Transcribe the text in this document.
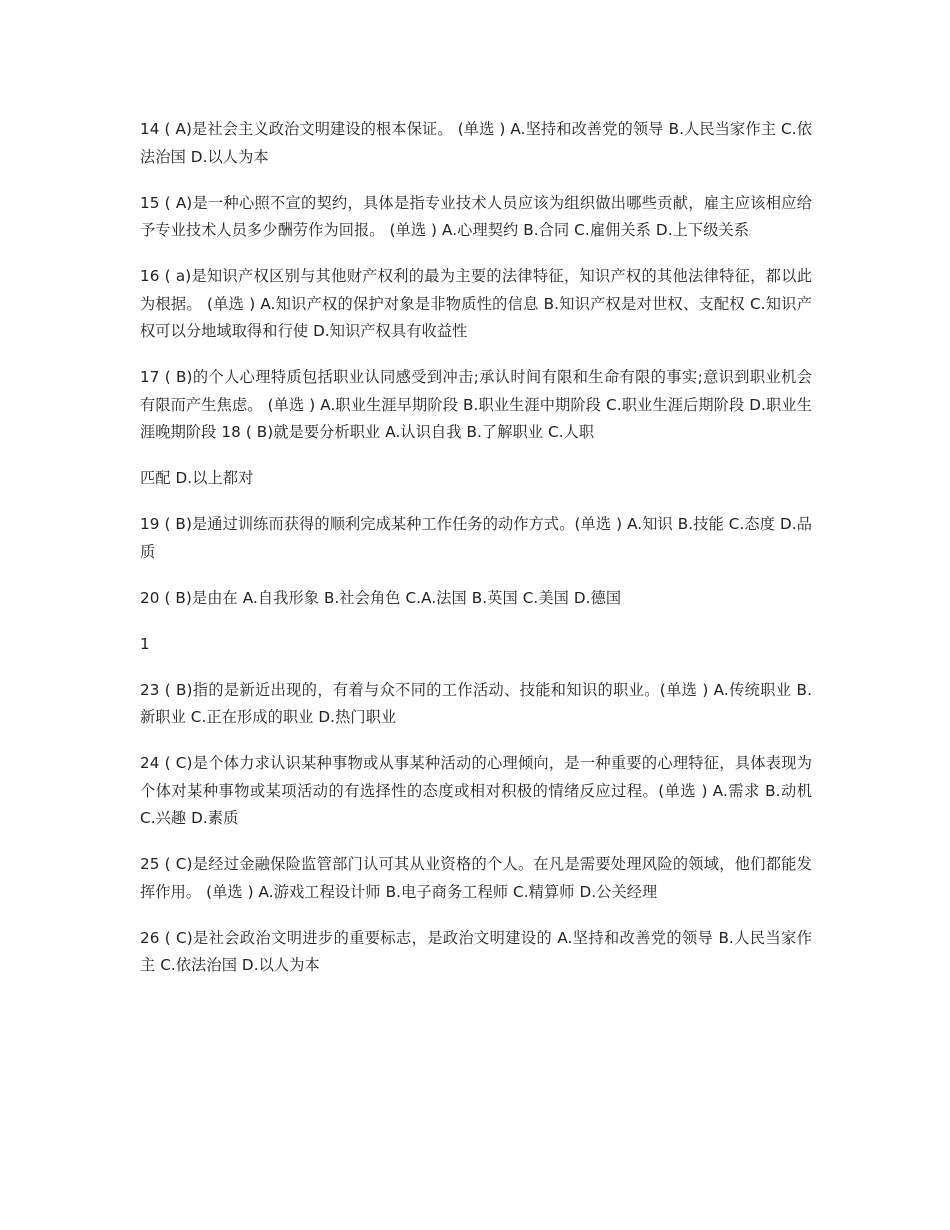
14 ( A)是社会主义政治文明建设的根本保证。 (单选 ) A.坚持和改善党的领导 B.人民当家作主 C.依法治国 D.以人为本

15 ( A)是一种心照不宣的契约，具体是指专业技术人员应该为组织做出哪些贡献，雇主应该相应给予专业技术人员多少酬劳作为回报。 (单选 ) A.心理契约 B.合同 C.雇佣关系 D.上下级关系

16 ( a)是知识产权区别与其他财产权利的最为主要的法律特征，知识产权的其他法律特征，都以此为根据。 (单选 ) A.知识产权的保护对象是非物质性的信息 B.知识产权是对世权、支配权 C.知识产权可以分地域取得和行使 D.知识产权具有收益性

17 ( B)的个人心理特质包括职业认同感受到冲击;承认时间有限和生命有限的事实;意识到职业机会有限而产生焦虑。 (单选 ) A.职业生涯早期阶段 B.职业生涯中期阶段 C.职业生涯后期阶段 D.职业生涯晚期阶段 18 ( B)就是要分析职业 A.认识自我 B.了解职业 C.人职

匹配 D.以上都对

19 ( B)是通过训练而获得的顺利完成某种工作任务的动作方式。(单选 ) A.知识 B.技能 C.态度 D.品质

20 ( B)是由在 A.自我形象 B.社会角色 C.A.法国 B.英国 C.美国 D.德国

1

23 ( B)指的是新近出现的，有着与众不同的工作活动、技能和知识的职业。(单选 ) A.传统职业 B.新职业 C.正在形成的职业 D.热门职业

24 ( C)是个体力求认识某种事物或从事某种活动的心理倾向，是一种重要的心理特征，具体表现为个体对某种事物或某项活动的有选择性的态度或相对积极的情绪反应过程。(单选 ) A.需求 B.动机 C.兴趣 D.素质

25 ( C)是经过金融保险监管部门认可其从业资格的个人。在凡是需要处理风险的领域，他们都能发挥作用。 (单选 ) A.游戏工程设计师 B.电子商务工程师 C.精算师 D.公关经理

26 ( C)是社会政治文明进步的重要标志，是政治文明建设的 A.坚持和改善党的领导 B.人民当家作主 C.依法治国 D.以人为本
